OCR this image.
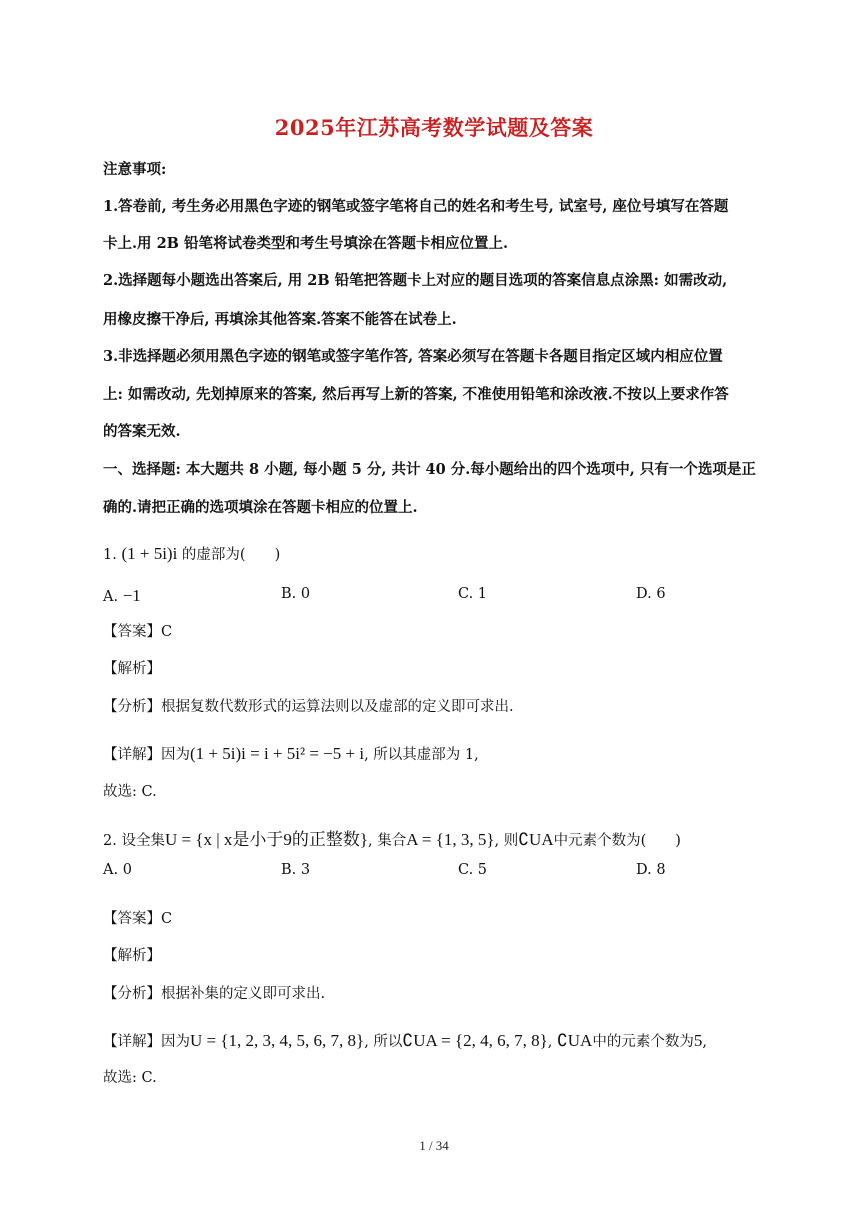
2025年江苏高考数学试题及答案
注意事项:
1.答卷前, 考生务必用黑色字迹的钢笔或签字笔将自己的姓名和考生号, 试室号, 座位号填写在答题
卡上.用 2B 铅笔将试卷类型和考生号填涂在答题卡相应位置上.
2.选择题每小题选出答案后, 用 2B 铅笔把答题卡上对应的题目选项的答案信息点涂黑: 如需改动,
用橡皮擦干净后, 再填涂其他答案.答案不能答在试卷上.
3.非选择题必须用黑色字迹的钢笔或签字笔作答, 答案必须写在答题卡各题目指定区域内相应位置
上: 如需改动, 先划掉原来的答案, 然后再写上新的答案, 不准使用铅笔和涂改液.不按以上要求作答
的答案无效.
一、选择题: 本大题共 8 小题, 每小题 5 分, 共计 40 分.每小题给出的四个选项中, 只有一个选项是正
确的.请把正确的选项填涂在答题卡相应的位置上.
1. (1 + 5i)i 的虚部为(　　)
A. −1	B. 0	C. 1	D. 6
【答案】C
【解析】
【分析】根据复数代数形式的运算法则以及虚部的定义即可求出.
【详解】因为(1 + 5i)i = i + 5i² = −5 + i, 所以其虚部为 1,
故选: C.
2. 设全集U = {x | x是小于9的正整数}, 集合A = {1, 3, 5}, 则∁UA中元素个数为(　　)
A. 0	B. 3	C. 5	D. 8
【答案】C
【解析】
【分析】根据补集的定义即可求出.
【详解】因为U = {1, 2, 3, 4, 5, 6, 7, 8}, 所以∁UA = {2, 4, 6, 7, 8}, ∁UA中的元素个数为5,
故选: C.
1 / 34
